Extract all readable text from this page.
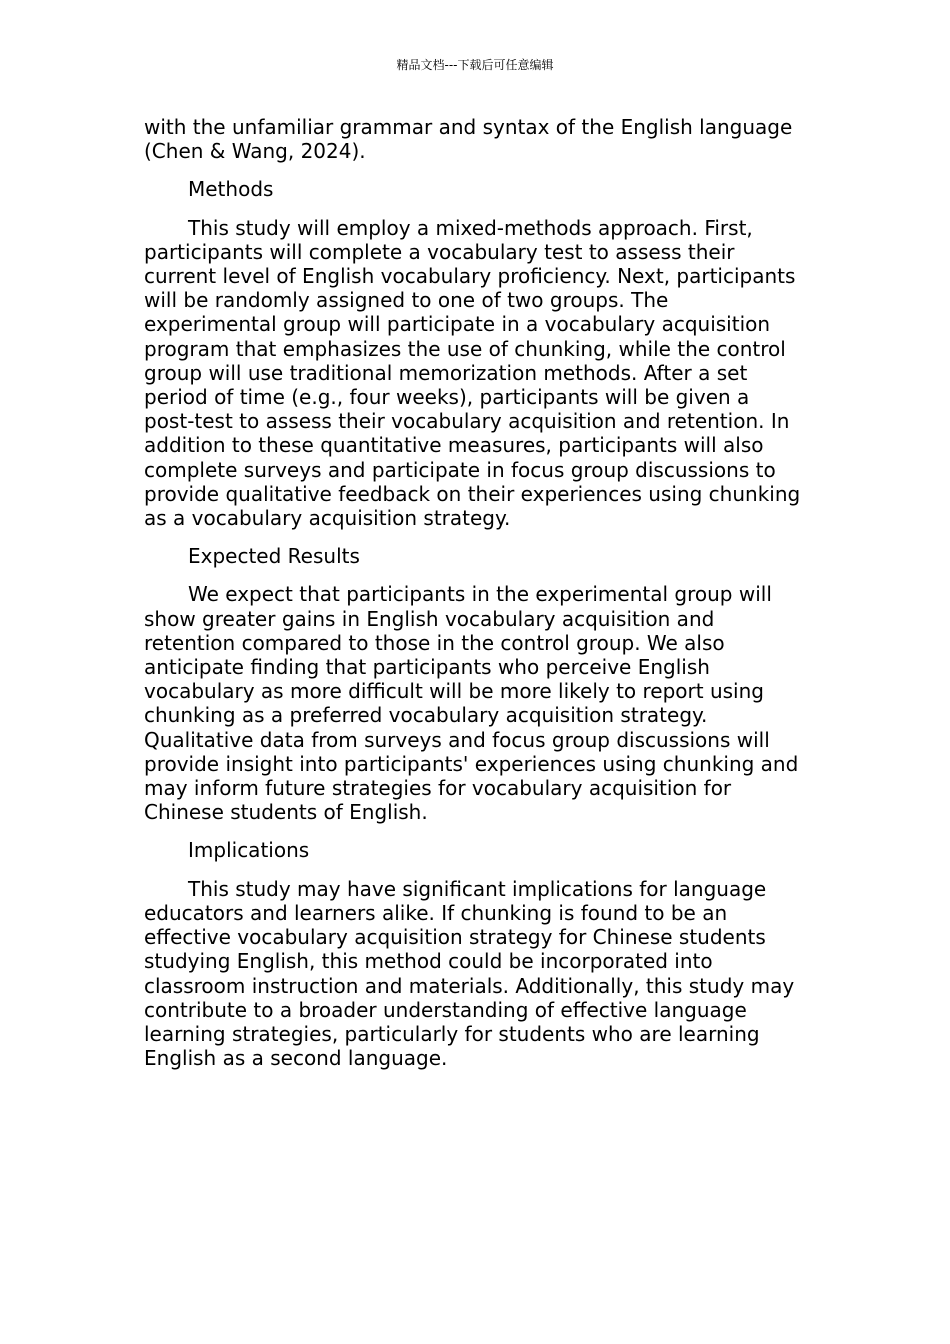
精品文档---下载后可任意编辑

with the unfamiliar grammar and syntax of the English language (Chen & Wang, 2024).

Methods

This study will employ a mixed-methods approach. First, participants will complete a vocabulary test to assess their current level of English vocabulary proficiency. Next, participants will be randomly assigned to one of two groups. The experimental group will participate in a vocabulary acquisition program that emphasizes the use of chunking, while the control group will use traditional memorization methods. After a set period of time (e.g., four weeks), participants will be given a post-test to assess their vocabulary acquisition and retention. In addition to these quantitative measures, participants will also complete surveys and participate in focus group discussions to provide qualitative feedback on their experiences using chunking as a vocabulary acquisition strategy.

Expected Results

We expect that participants in the experimental group will show greater gains in English vocabulary acquisition and retention compared to those in the control group. We also anticipate finding that participants who perceive English vocabulary as more difficult will be more likely to report using chunking as a preferred vocabulary acquisition strategy. Qualitative data from surveys and focus group discussions will provide insight into participants' experiences using chunking and may inform future strategies for vocabulary acquisition for Chinese students of English.

Implications

This study may have significant implications for language educators and learners alike. If chunking is found to be an effective vocabulary acquisition strategy for Chinese students studying English, this method could be incorporated into classroom instruction and materials. Additionally, this study may contribute to a broader understanding of effective language learning strategies, particularly for students who are learning English as a second language.
